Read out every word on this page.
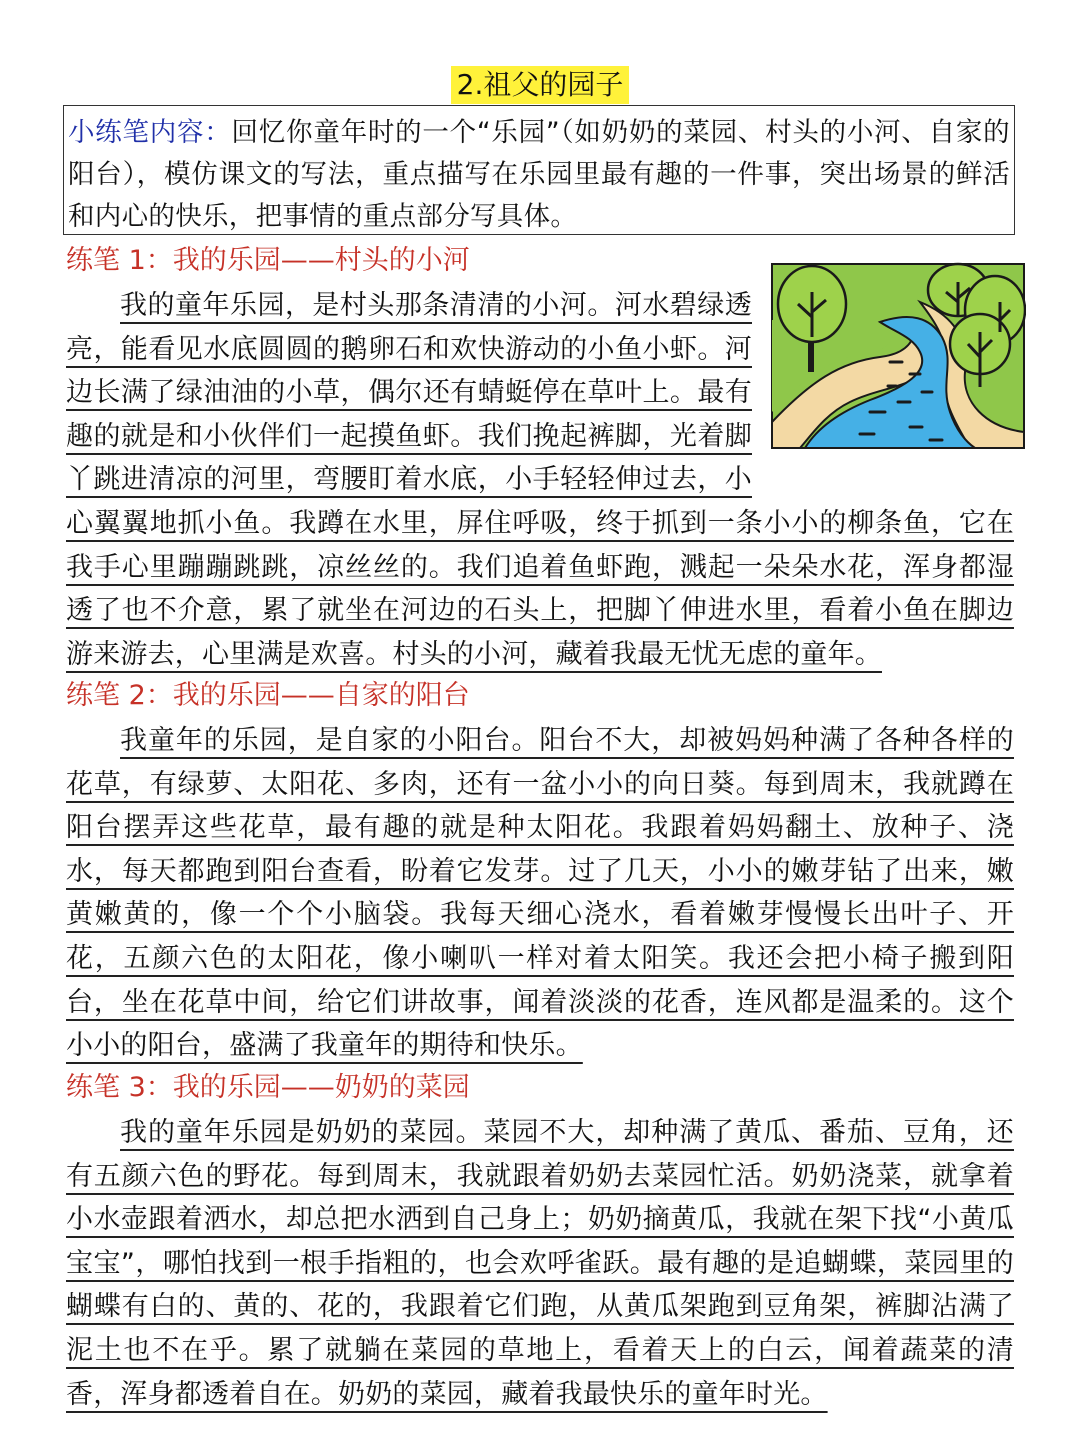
2.祖父的园子
小练笔内容：回忆你童年时的一个“乐园”（如奶奶的菜园、村头的小河、自家的阳台），模仿课文的写法，重点描写在乐园里最有趣的一件事，突出场景的鲜活和内心的快乐，把事情的重点部分写具体。
练笔 1：我的乐园——村头的小河
我的童年乐园，是村头那条清清的小河。河水碧绿透亮，能看见水底圆圆的鹅卵石和欢快游动的小鱼小虾。河边长满了绿油油的小草，偶尔还有蜻蜓停在草叶上。最有趣的就是和小伙伴们一起摸鱼虾。我们挽起裤脚，光着脚丫跳进清凉的河里，弯腰盯着水底，小手轻轻伸过去，小心翼翼地抓小鱼。我蹲在水里，屏住呼吸，终于抓到一条小小的柳条鱼，它在我手心里蹦蹦跳跳，凉丝丝的。我们追着鱼虾跑，溅起一朵朵水花，浑身都湿透了也不介意，累了就坐在河边的石头上，把脚丫伸进水里，看着小鱼在脚边游来游去，心里满是欢喜。村头的小河，藏着我最无忧无虑的童年。
练笔 2：我的乐园——自家的阳台
我童年的乐园，是自家的小阳台。阳台不大，却被妈妈种满了各种各样的花草，有绿萝、太阳花、多肉，还有一盆小小的向日葵。每到周末，我就蹲在阳台摆弄这些花草，最有趣的就是种太阳花。我跟着妈妈翻土、放种子、浇水，每天都跑到阳台查看，盼着它发芽。过了几天，小小的嫩芽钻了出来，嫩黄嫩黄的，像一个个小脑袋。我每天细心浇水，看着嫩芽慢慢长出叶子、开花，五颜六色的太阳花，像小喇叭一样对着太阳笑。我还会把小椅子搬到阳台，坐在花草中间，给它们讲故事，闻着淡淡的花香，连风都是温柔的。这个小小的阳台，盛满了我童年的期待和快乐。
练笔 3：我的乐园——奶奶的菜园
我的童年乐园是奶奶的菜园。菜园不大，却种满了黄瓜、番茄、豆角，还有五颜六色的野花。每到周末，我就跟着奶奶去菜园忙活。奶奶浇菜，就拿着小水壶跟着洒水，却总把水洒到自己身上；奶奶摘黄瓜，我就在架下找“小黄瓜宝宝”，哪怕找到一根手指粗的，也会欢呼雀跃。最有趣的是追蝴蝶，菜园里的蝴蝶有白的、黄的、花的，我跟着它们跑，从黄瓜架跑到豆角架，裤脚沾满了泥土也不在乎。累了就躺在菜园的草地上，看着天上的白云，闻着蔬菜的清香，浑身都透着自在。奶奶的菜园，藏着我最快乐的童年时光。
